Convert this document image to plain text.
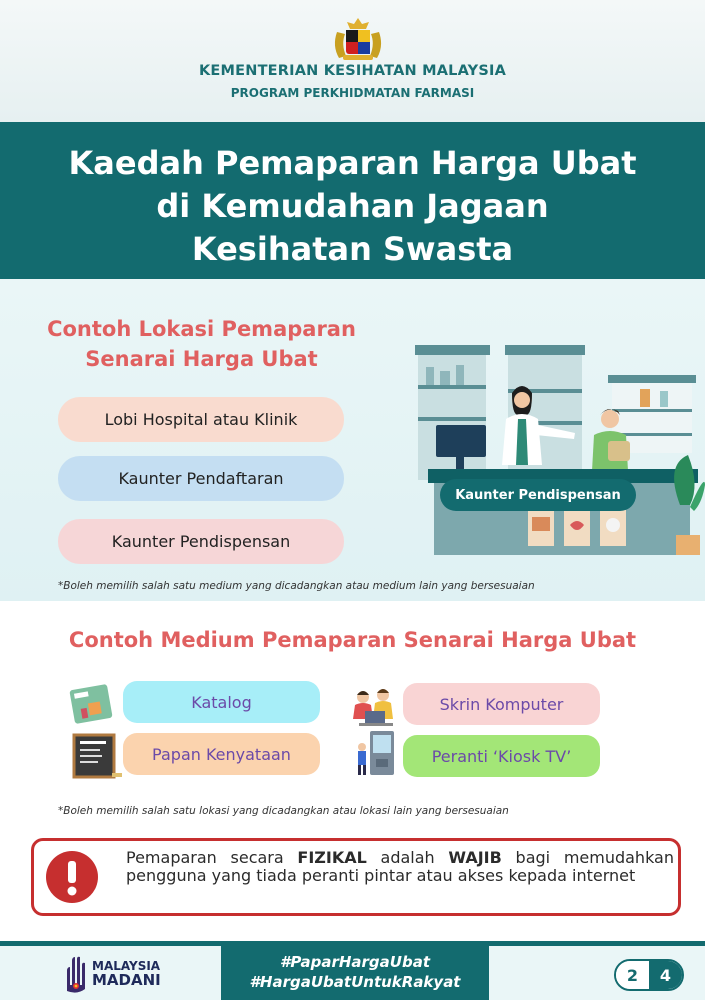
KEMENTERIAN KESIHATAN MALAYSIA
PROGRAM PERKHIDMATAN FARMASI
Kaedah Pemaparan Harga Ubat
di Kemudahan Jagaan
Kesihatan Swasta
Contoh Lokasi Pemaparan
Senarai Harga Ubat
Lobi Hospital atau Klinik
Kaunter Pendaftaran
Kaunter Pendispensan
Kaunter Pendispensan
*Boleh memilih salah satu medium yang dicadangkan atau medium lain yang bersesuaian
Contoh Medium Pemaparan Senarai Harga Ubat
Katalog
Papan Kenyataan
Skrin Komputer
Peranti ‘Kiosk TV’
*Boleh memilih salah satu lokasi yang dicadangkan atau lokasi lain yang bersesuaian
Pemaparan secara FIZIKAL adalah WAJIB bagi memudahkan pengguna yang tiada peranti pintar atau akses kepada internet
MALAYSIA
MADANI
#PaparHargaUbat
#HargaUbatUntukRakyat	2	4
